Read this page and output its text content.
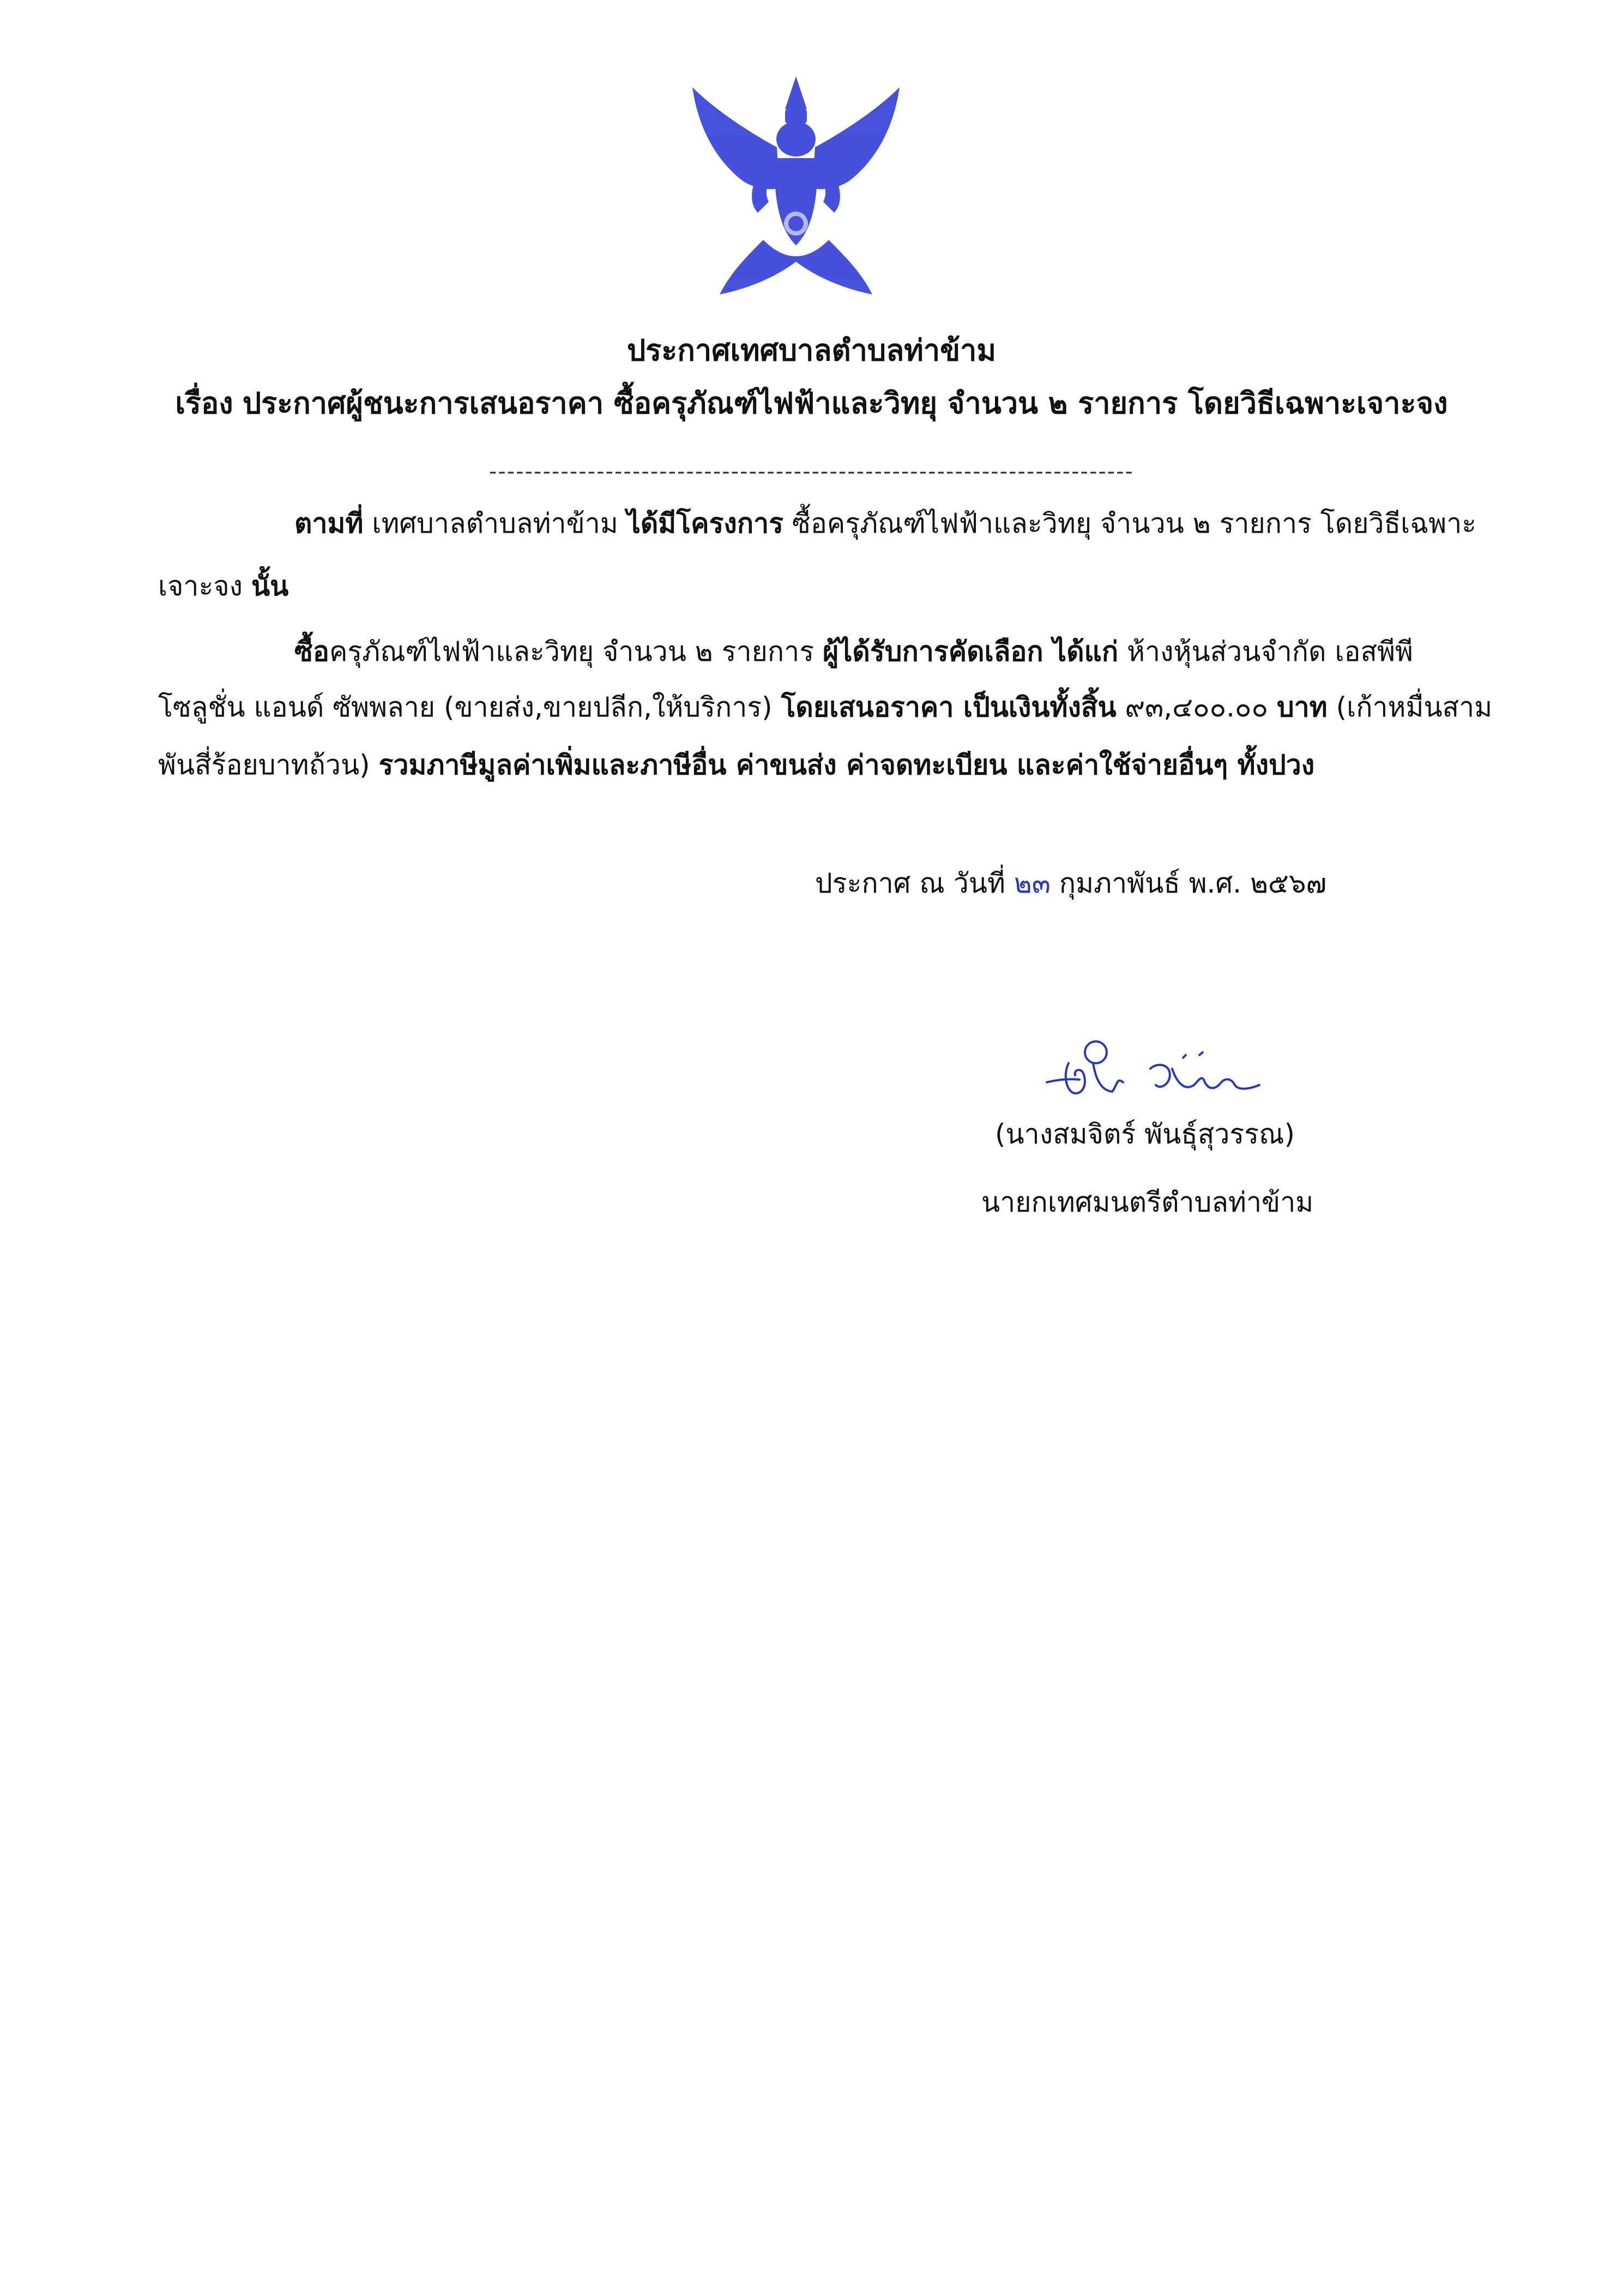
ประกาศเทศบาลตำบลท่าข้าม
เรื่อง ประกาศผู้ชนะการเสนอราคา ซื้อครุภัณฑ์ไฟฟ้าและวิทยุ จำนวน ๒ รายการ โดยวิธีเฉพาะเจาะจง
------------------------------------------------------------------------
ตามที่ เทศบาลตำบลท่าข้าม ได้มีโครงการ ซื้อครุภัณฑ์ไฟฟ้าและวิทยุ จำนวน ๒ รายการ โดยวิธีเฉพาะ
เจาะจง นั้น
ซื้อครุภัณฑ์ไฟฟ้าและวิทยุ จำนวน ๒ รายการ ผู้ได้รับการคัดเลือก ได้แก่ ห้างหุ้นส่วนจำกัด เอสพีพี
โซลูชั่น แอนด์ ซัพพลาย (ขายส่ง,ขายปลีก,ให้บริการ) โดยเสนอราคา เป็นเงินทั้งสิ้น ๙๓,๔๐๐.๐๐ บาท (เก้าหมื่นสาม
พันสี่ร้อยบาทถ้วน) รวมภาษีมูลค่าเพิ่มและภาษีอื่น ค่าขนส่ง ค่าจดทะเบียน และค่าใช้จ่ายอื่นๆ ทั้งปวง
ประกาศ ณ วันที่ ๒๓ กุมภาพันธ์ พ.ศ. ๒๕๖๗
(นางสมจิตร์ พันธุ์สุวรรณ)
นายกเทศมนตรีตำบลท่าข้าม
